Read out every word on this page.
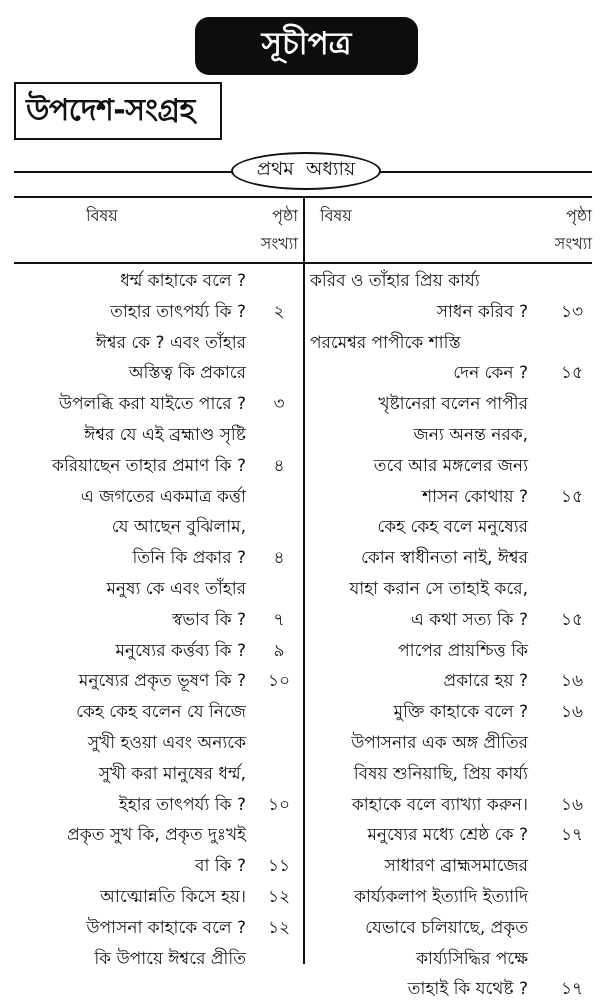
সূচীপত্র
উপদেশ-সংগ্রহ
প্রথম অধ্যায়
বিষয়	পৃষ্ঠা
সংখ্যা
বিষয়	পৃষ্ঠা
সংখ্যা
ধর্ম্ম কাহাকে বলে ?
তাহার তাৎপর্য্য কি ?	২
ঈশ্বর কে ? এবং তাঁহার
অস্তিত্ব কি প্রকারে
উপলব্ধি করা যাইতে পারে ?	৩
ঈশ্বর যে এই ব্রহ্মাণ্ড সৃষ্টি
করিয়াছেন তাহার প্রমাণ কি ?	৪
এ জগতের একমাত্র কর্ত্তা
যে আছেন বুঝিলাম,
তিনি কি প্রকার ?	৪
মনুষ্য কে এবং তাঁহার
স্বভাব কি ?	৭
মনুষ্যের কর্ত্তব্য কি ?	৯
মনুষ্যের প্রকৃত ভূষণ কি ?	১০
কেহ কেহ বলেন যে নিজে
সুখী হওয়া এবং অন্যকে
সুখী করা মানুষের ধর্ম্ম,
ইহার তাৎপর্য্য কি ?	১০
প্রকৃত সুখ কি, প্রকৃত দুঃখই
বা কি ?	১১
আত্মোন্নতি কিসে হয়।	১২
উপাসনা কাহাকে বলে ?	১২
কি উপায়ে ঈশ্বরে প্রীতি
করিব ও তাঁহার প্রিয় কার্য্য
সাধন করিব ?	১৩
পরমেশ্বর পাপীকে শাস্তি
দেন কেন ?	১৫
খৃষ্টানেরা বলেন পাপীর
জন্য অনন্ত নরক,
তবে আর মঙ্গলের জন্য
শাসন কোথায় ?	১৫
কেহ কেহ বলে মনুষ্যের
কোন স্বাধীনতা নাই, ঈশ্বর
যাহা করান সে তাহাই করে,
এ কথা সত্য কি ?	১৫
পাপের প্রায়শ্চিত্ত কি
প্রকারে হয় ?	১৬
মুক্তি কাহাকে বলে ?	১৬
উপাসনার এক অঙ্গ প্রীতির
বিষয় শুনিয়াছি, প্রিয় কার্য্য
কাহাকে বলে ব্যাখ্যা করুন।	১৬
মনুষ্যের মধ্যে শ্রেষ্ঠ কে ?	১৭
সাধারণ ব্রাহ্মসমাজের
কার্য্যকলাপ ইত্যাদি ইত্যাদি
যেভাবে চলিয়াছে, প্রকৃত
কার্য্যসিদ্ধির পক্ষে
তাহাই কি যথেষ্ট ?	১৭
